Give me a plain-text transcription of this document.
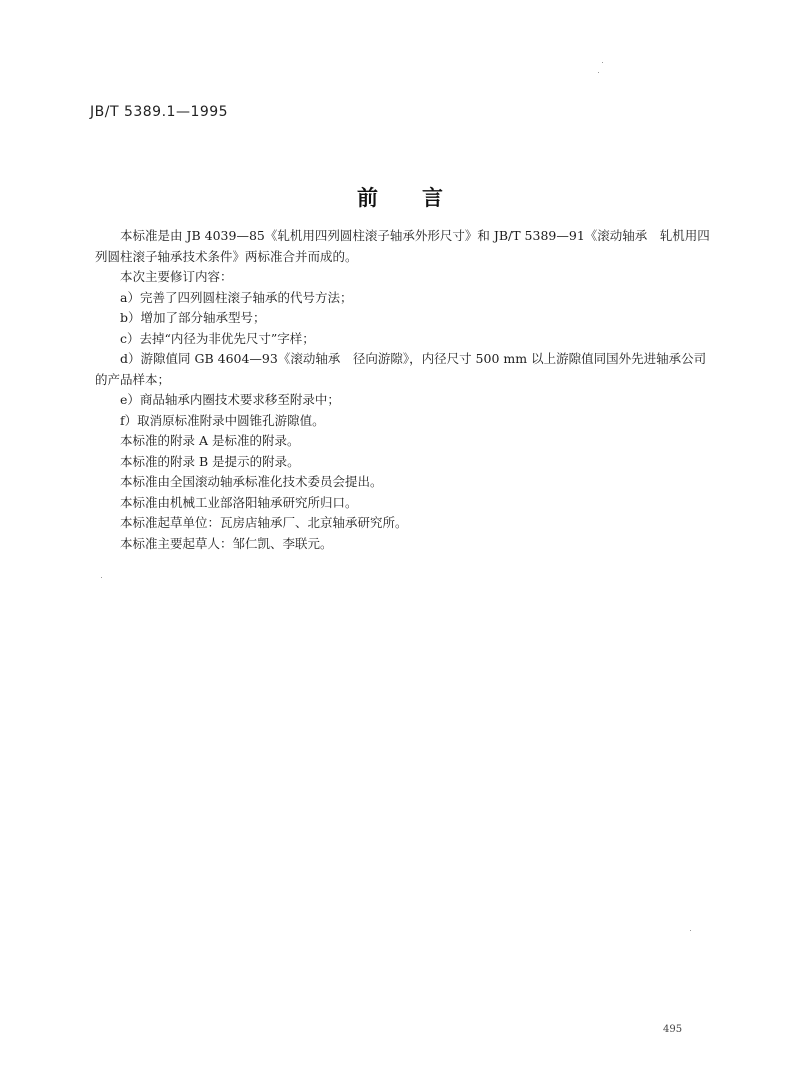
JB/T 5389.1—1995
前言

本标准是由 JB 4039—85《轧机用四列圆柱滚子轴承外形尺寸》和 JB/T 5389—91《滚动轴承　轧机用四列圆柱滚子轴承技术条件》两标准合并而成的。

本次主要修订内容：

a）完善了四列圆柱滚子轴承的代号方法；

b）增加了部分轴承型号；

c）去掉“内径为非优先尺寸”字样；

d）游隙值同 GB 4604—93《滚动轴承　径向游隙》，内径尺寸 500 mm 以上游隙值同国外先进轴承公司的产品样本；

e）商品轴承内圈技术要求移至附录中；

f）取消原标准附录中圆锥孔游隙值。

本标准的附录 A 是标准的附录。

本标准的附录 B 是提示的附录。

本标准由全国滚动轴承标准化技术委员会提出。

本标准由机械工业部洛阳轴承研究所归口。

本标准起草单位：瓦房店轴承厂、北京轴承研究所。

本标准主要起草人：邹仁凯、李联元。

495
